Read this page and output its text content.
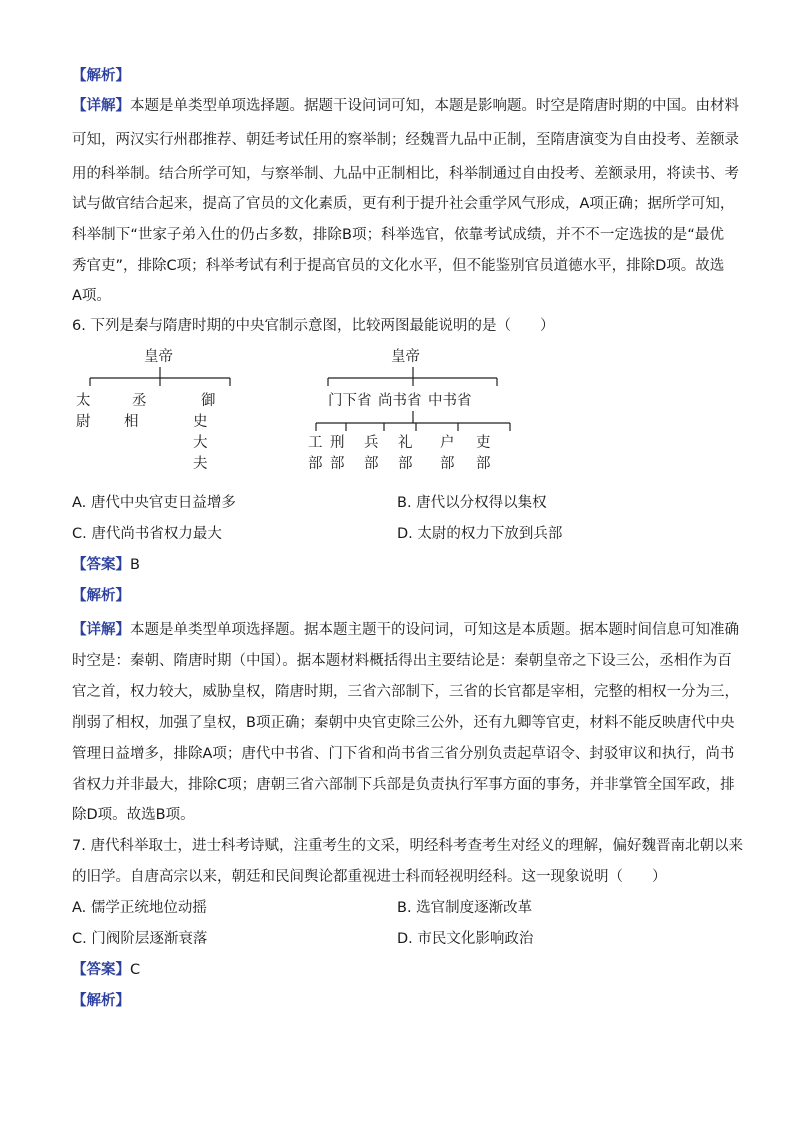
【解析】
【详解】本题是单类型单项选择题。据题干设问词可知，本题是影响题。时空是隋唐时期的中国。由材料
可知，两汉实行州郡推荐、朝廷考试任用的察举制；经魏晋九品中正制，至隋唐演变为自由投考、差额录
用的科举制。结合所学可知，与察举制、九品中正制相比，科举制通过自由投考、差额录用，将读书、考
试与做官结合起来，提高了官员的文化素质，更有利于提升社会重学风气形成，A项正确；据所学可知，
科举制下“世家子弟入仕的仍占多数，排除B项；科举选官，依靠考试成绩，并不不一定选拔的是“最优
秀官吏”，排除C项；科举考试有利于提高官员的文化水平，但不能鉴别官员道德水平，排除D项。故选
A项。
6. 下列是秦与隋唐时期的中央官制示意图，比较两图最能说明的是（　　）
皇帝
太
尉
丞
相
御
史
大
夫
皇帝
门下省 尚书省 中书省
工
部
刑
部
兵
部
礼
部
户
部
吏
部
A. 唐代中央官吏日益增多	B. 唐代以分权得以集权
C. 唐代尚书省权力最大	D. 太尉的权力下放到兵部
【答案】B
【解析】
【详解】本题是单类型单项选择题。据本题主题干的设问词，可知这是本质题。据本题时间信息可知准确
时空是：秦朝、隋唐时期（中国）。据本题材料概括得出主要结论是：秦朝皇帝之下设三公，丞相作为百
官之首，权力较大，威胁皇权，隋唐时期，三省六部制下，三省的长官都是宰相，完整的相权一分为三，
削弱了相权，加强了皇权，B项正确；秦朝中央官吏除三公外，还有九卿等官吏，材料不能反映唐代中央
管理日益增多，排除A项；唐代中书省、门下省和尚书省三省分别负责起草诏令、封驳审议和执行，尚书
省权力并非最大，排除C项；唐朝三省六部制下兵部是负责执行军事方面的事务，并非掌管全国军政，排
除D项。故选B项。
7. 唐代科举取士，进士科考诗赋，注重考生的文采，明经科考查考生对经义的理解，偏好魏晋南北朝以来
的旧学。自唐高宗以来，朝廷和民间舆论都重视进士科而轻视明经科。这一现象说明（　　）
A. 儒学正统地位动摇	B. 选官制度逐渐改革
C. 门阀阶层逐渐衰落	D. 市民文化影响政治
【答案】C
【解析】
